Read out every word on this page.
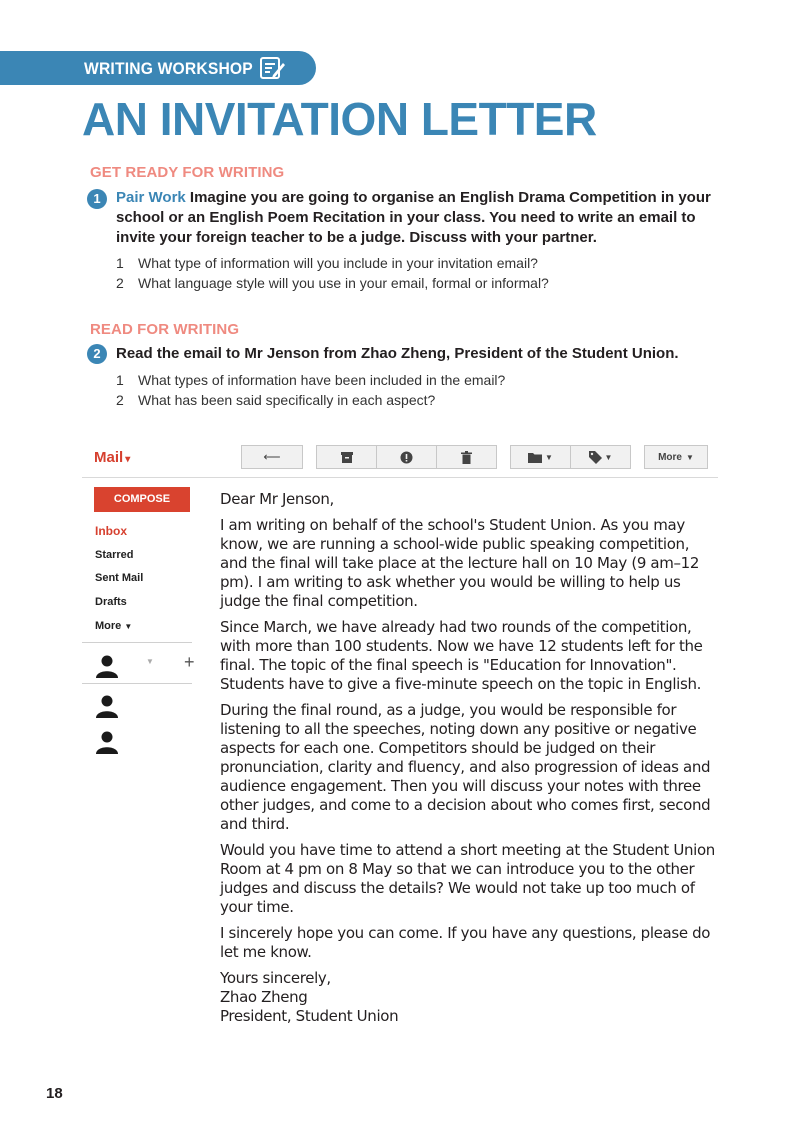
WRITING WORKSHOP
AN INVITATION LETTER
GET READY FOR WRITING
1	Pair Work Imagine you are going to organise an English Drama Competition in your school or an English Poem Recitation in your class. You need to write an email to invite your foreign teacher to be a judge. Discuss with your partner.
1 What type of information will you include in your invitation email?
2 What language style will you use in your email, formal or informal?
READ FOR WRITING
2	Read the email to Mr Jenson from Zhao Zheng, President of the Student Union.
1 What types of information have been included in the email?
2 What has been said specifically in each aspect?
Mail ▾	⟵	▼	▼	More ▼
COMPOSE
Inbox
Starred
Sent Mail
Drafts
More ▼
▼ +

Dear Mr Jenson,

I am writing on behalf of the school's Student Union. As you may know, we are running a school-wide public speaking competition, and the final will take place at the lecture hall on 10 May (9 am–12 pm). I am writing to ask whether you would be willing to help us judge the final competition.

Since March, we have already had two rounds of the competition, with more than 100 students. Now we have 12 students left for the final. The topic of the final speech is "Education for Innovation". Students have to give a five-minute speech on the topic in English.

During the final round, as a judge, you would be responsible for listening to all the speeches, noting down any positive or negative aspects for each one. Competitors should be judged on their pronunciation, clarity and fluency, and also progression of ideas and audience engagement. Then you will discuss your notes with three other judges, and come to a decision about who comes first, second and third.

Would you have time to attend a short meeting at the Student Union Room at 4 pm on 8 May so that we can introduce you to the other judges and discuss the details? We would not take up too much of your time.

I sincerely hope you can come. If you have any questions, please do let me know.

Yours sincerely,

Zhao Zheng

President, Student Union

18
